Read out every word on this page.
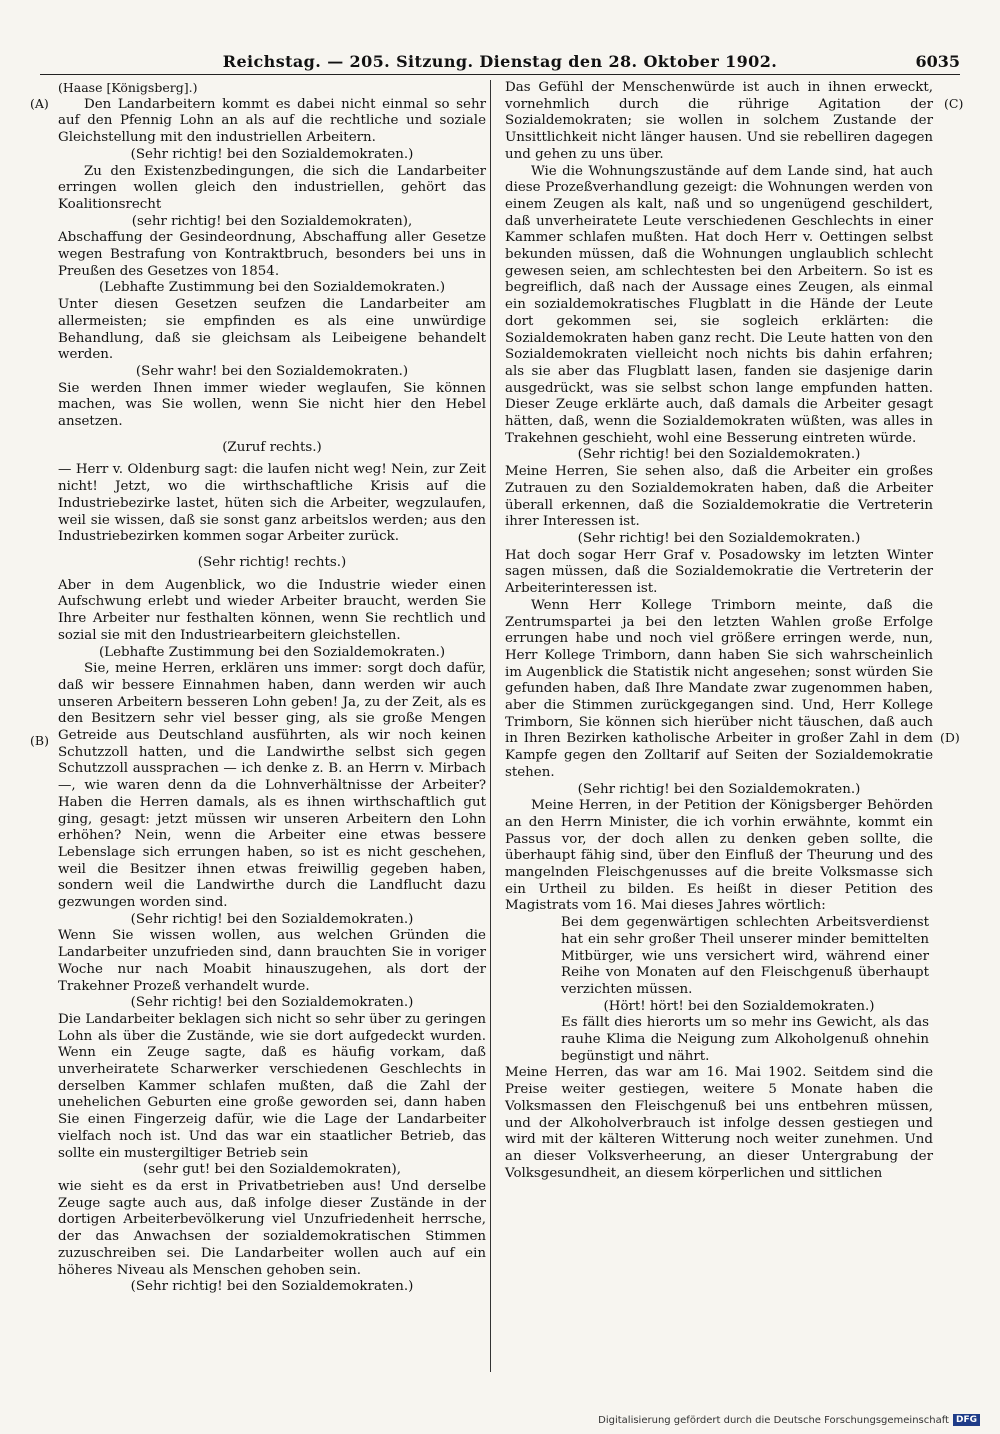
Reichstag. — 205. Sitzung. Dienstag den 28. Oktober 1902.	6035
(A)
(B)
(C)
(D)

(Haase [Königsberg].)

Den Landarbeitern kommt es dabei nicht einmal so sehr auf den Pfennig Lohn an als auf die rechtliche und soziale Gleichstellung mit den industriellen Arbeitern.

(Sehr richtig! bei den Sozialdemokraten.)

Zu den Existenzbedingungen, die sich die Landarbeiter erringen wollen gleich den industriellen, gehört das Koalitionsrecht

(sehr richtig! bei den Sozialdemokraten),

Abschaffung der Gesindeordnung, Abschaffung aller Gesetze wegen Bestrafung von Kontraktbruch, besonders bei uns in Preußen des Gesetzes von 1854.

(Lebhafte Zustimmung bei den Sozialdemokraten.)

Unter diesen Gesetzen seufzen die Landarbeiter am allermeisten; sie empfinden es als eine unwürdige Behandlung, daß sie gleichsam als Leibeigene behandelt werden.

(Sehr wahr! bei den Sozialdemokraten.)

Sie werden Ihnen immer wieder weglaufen, Sie können machen, was Sie wollen, wenn Sie nicht hier den Hebel ansetzen.

(Zuruf rechts.)

— Herr v. Oldenburg sagt: die laufen nicht weg! Nein, zur Zeit nicht! Jetzt, wo die wirthschaftliche Krisis auf die Industriebezirke lastet, hüten sich die Arbeiter, wegzulaufen, weil sie wissen, daß sie sonst ganz arbeitslos werden; aus den Industriebezirken kommen sogar Arbeiter zurück.

(Sehr richtig! rechts.)

Aber in dem Augenblick, wo die Industrie wieder einen Aufschwung erlebt und wieder Arbeiter braucht, werden Sie Ihre Arbeiter nur festhalten können, wenn Sie rechtlich und sozial sie mit den Industriearbeitern gleichstellen.

(Lebhafte Zustimmung bei den Sozialdemokraten.)

Sie, meine Herren, erklären uns immer: sorgt doch dafür, daß wir bessere Einnahmen haben, dann werden wir auch unseren Arbeitern besseren Lohn geben! Ja, zu der Zeit, als es den Besitzern sehr viel besser ging, als sie große Mengen Getreide aus Deutschland ausführten, als wir noch keinen Schutzzoll hatten, und die Landwirthe selbst sich gegen Schutzzoll aussprachen — ich denke z. B. an Herrn v. Mirbach —, wie waren denn da die Lohnverhältnisse der Arbeiter? Haben die Herren damals, als es ihnen wirthschaftlich gut ging, gesagt: jetzt müssen wir unseren Arbeitern den Lohn erhöhen? Nein, wenn die Arbeiter eine etwas bessere Lebenslage sich errungen haben, so ist es nicht geschehen, weil die Besitzer ihnen etwas freiwillig gegeben haben, sondern weil die Landwirthe durch die Landflucht dazu gezwungen worden sind.

(Sehr richtig! bei den Sozialdemokraten.)

Wenn Sie wissen wollen, aus welchen Gründen die Landarbeiter unzufrieden sind, dann brauchten Sie in voriger Woche nur nach Moabit hinauszugehen, als dort der Trakehner Prozeß verhandelt wurde.

(Sehr richtig! bei den Sozialdemokraten.)

Die Landarbeiter beklagen sich nicht so sehr über zu geringen Lohn als über die Zustände, wie sie dort aufgedeckt wurden. Wenn ein Zeuge sagte, daß es häufig vorkam, daß unverheiratete Scharwerker verschiedenen Geschlechts in derselben Kammer schlafen mußten, daß die Zahl der unehelichen Geburten eine große geworden sei, dann haben Sie einen Fingerzeig dafür, wie die Lage der Landarbeiter vielfach noch ist. Und das war ein staatlicher Betrieb, das sollte ein mustergiltiger Betrieb sein

(sehr gut! bei den Sozialdemokraten),

wie sieht es da erst in Privatbetrieben aus! Und derselbe Zeuge sagte auch aus, daß infolge dieser Zustände in der dortigen Arbeiterbevölkerung viel Unzufriedenheit herrsche, der das Anwachsen der sozialdemokratischen Stimmen zuzuschreiben sei. Die Landarbeiter wollen auch auf ein höheres Niveau als Menschen gehoben sein.

(Sehr richtig! bei den Sozialdemokraten.)

Das Gefühl der Menschenwürde ist auch in ihnen erweckt, vornehmlich durch die rührige Agitation der Sozialdemokraten; sie wollen in solchem Zustande der Unsittlichkeit nicht länger hausen. Und sie rebelliren dagegen und gehen zu uns über.

Wie die Wohnungszustände auf dem Lande sind, hat auch diese Prozeßverhandlung gezeigt: die Wohnungen werden von einem Zeugen als kalt, naß und so ungenügend geschildert, daß unverheiratete Leute verschiedenen Geschlechts in einer Kammer schlafen mußten. Hat doch Herr v. Oettingen selbst bekunden müssen, daß die Wohnungen unglaublich schlecht gewesen seien, am schlechtesten bei den Arbeitern. So ist es begreiflich, daß nach der Aussage eines Zeugen, als einmal ein sozialdemokratisches Flugblatt in die Hände der Leute dort gekommen sei, sie sogleich erklärten: die Sozialdemokraten haben ganz recht. Die Leute hatten von den Sozialdemokraten vielleicht noch nichts bis dahin erfahren; als sie aber das Flugblatt lasen, fanden sie dasjenige darin ausgedrückt, was sie selbst schon lange empfunden hatten. Dieser Zeuge erklärte auch, daß damals die Arbeiter gesagt hätten, daß, wenn die Sozialdemokraten wüßten, was alles in Trakehnen geschieht, wohl eine Besserung eintreten würde.

(Sehr richtig! bei den Sozialdemokraten.)

Meine Herren, Sie sehen also, daß die Arbeiter ein großes Zutrauen zu den Sozialdemokraten haben, daß die Arbeiter überall erkennen, daß die Sozialdemokratie die Vertreterin ihrer Interessen ist.

(Sehr richtig! bei den Sozialdemokraten.)

Hat doch sogar Herr Graf v. Posadowsky im letzten Winter sagen müssen, daß die Sozialdemokratie die Vertreterin der Arbeiterinteressen ist.

Wenn Herr Kollege Trimborn meinte, daß die Zentrumspartei ja bei den letzten Wahlen große Erfolge errungen habe und noch viel größere erringen werde, nun, Herr Kollege Trimborn, dann haben Sie sich wahrscheinlich im Augenblick die Statistik nicht angesehen; sonst würden Sie gefunden haben, daß Ihre Mandate zwar zugenommen haben, aber die Stimmen zurückgegangen sind. Und, Herr Kollege Trimborn, Sie können sich hierüber nicht täuschen, daß auch in Ihren Bezirken katholische Arbeiter in großer Zahl in dem Kampfe gegen den Zolltarif auf Seiten der Sozialdemokratie stehen.

(Sehr richtig! bei den Sozialdemokraten.)

Meine Herren, in der Petition der Königsberger Behörden an den Herrn Minister, die ich vorhin erwähnte, kommt ein Passus vor, der doch allen zu denken geben sollte, die überhaupt fähig sind, über den Einfluß der Theurung und des mangelnden Fleischgenusses auf die breite Volksmasse sich ein Urtheil zu bilden. Es heißt in dieser Petition des Magistrats vom 16. Mai dieses Jahres wörtlich:

Bei dem gegenwärtigen schlechten Arbeitsverdienst hat ein sehr großer Theil unserer minder bemittelten Mitbürger, wie uns versichert wird, während einer Reihe von Monaten auf den Fleischgenuß überhaupt verzichten müssen.

(Hört! hört! bei den Sozialdemokraten.)

Es fällt dies hierorts um so mehr ins Gewicht, als das rauhe Klima die Neigung zum Alkoholgenuß ohnehin begünstigt und nährt.

Meine Herren, das war am 16. Mai 1902. Seitdem sind die Preise weiter gestiegen, weitere 5 Monate haben die Volksmassen den Fleischgenuß bei uns entbehren müssen, und der Alkoholverbrauch ist infolge dessen gestiegen und wird mit der kälteren Witterung noch weiter zunehmen. Und an dieser Volksverheerung, an dieser Untergrabung der Volksgesundheit, an diesem körperlichen und sittlichen

Digitalisierung gefördert durch die Deutsche Forschungsgemeinschaft DFG
